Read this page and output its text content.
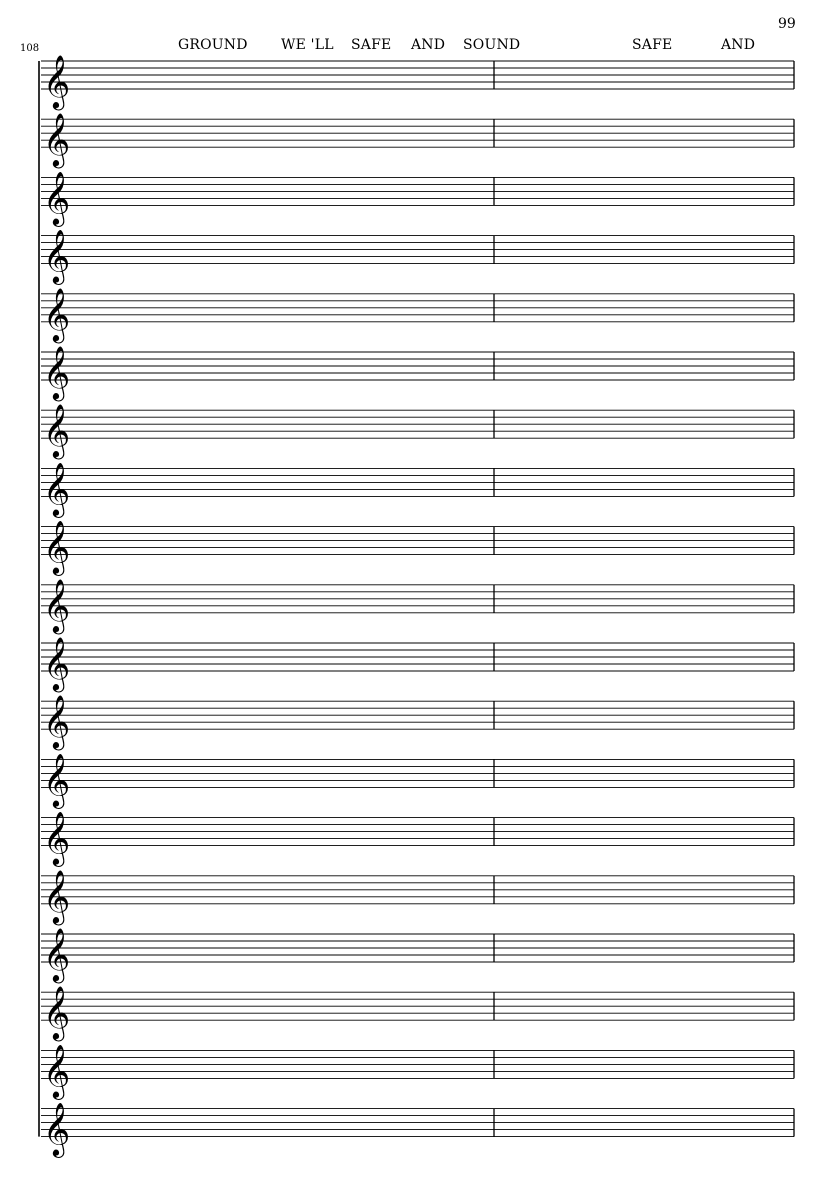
99
108	GROUND WE 'LL SAFE AND SOUND	SAFE	AND
𝄞
𝄞
𝄞
𝄞
𝄞
𝄞
𝄞
𝄞
𝄞
𝄞
𝄞
𝄞
𝄞
𝄞
𝄞
𝄞
𝄞
𝄞
𝄞
